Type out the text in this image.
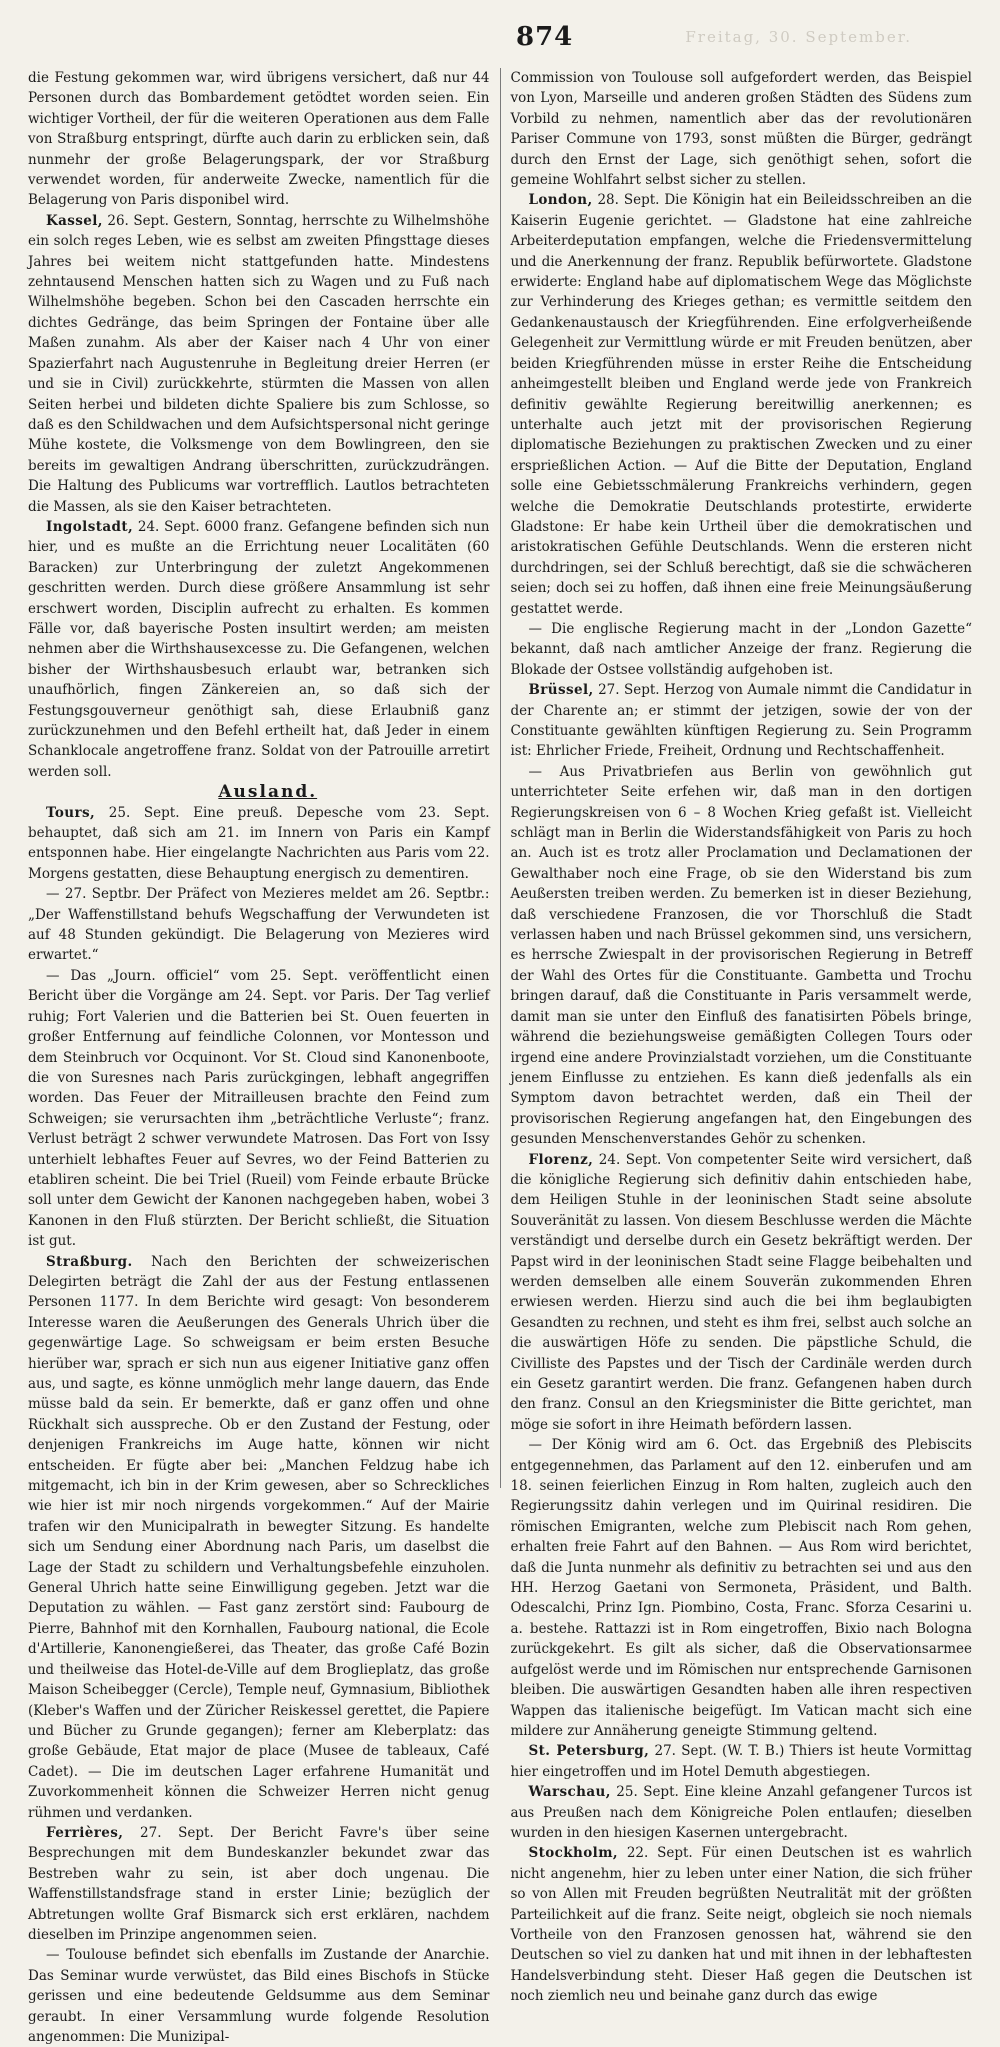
Freitag, 30. September.
874

die Festung gekommen war, wird übrigens versichert, daß nur 44 Personen durch das Bombardement getödtet worden seien. Ein wichtiger Vortheil, der für die weiteren Operationen aus dem Falle von Straßburg entspringt, dürfte auch darin zu erblicken sein, daß nunmehr der große Belagerungspark, der vor Straßburg verwendet worden, für anderweite Zwecke, namentlich für die Belagerung von Paris disponibel wird.

Kassel, 26. Sept. Gestern, Sonntag, herrschte zu Wilhelmshöhe ein solch reges Leben, wie es selbst am zweiten Pfingsttage dieses Jahres bei weitem nicht stattgefunden hatte. Mindestens zehntausend Menschen hatten sich zu Wagen und zu Fuß nach Wilhelmshöhe begeben. Schon bei den Cascaden herrschte ein dichtes Gedränge, das beim Springen der Fontaine über alle Maßen zunahm. Als aber der Kaiser nach 4 Uhr von einer Spazierfahrt nach Augustenruhe in Begleitung dreier Herren (er und sie in Civil) zurückkehrte, stürmten die Massen von allen Seiten herbei und bildeten dichte Spaliere bis zum Schlosse, so daß es den Schildwachen und dem Aufsichtspersonal nicht geringe Mühe kostete, die Volksmenge von dem Bowlingreen, den sie bereits im gewaltigen Andrang überschritten, zurückzudrängen. Die Haltung des Publicums war vortrefflich. Lautlos betrachteten die Massen, als sie den Kaiser betrachteten.

Ingolstadt, 24. Sept. 6000 franz. Gefangene befinden sich nun hier, und es mußte an die Errichtung neuer Localitäten (60 Baracken) zur Unterbringung der zuletzt Angekommenen geschritten werden. Durch diese größere Ansammlung ist sehr erschwert worden, Disciplin aufrecht zu erhalten. Es kommen Fälle vor, daß bayerische Posten insultirt werden; am meisten nehmen aber die Wirthshausexcesse zu. Die Gefangenen, welchen bisher der Wirthshausbesuch erlaubt war, betranken sich unaufhörlich, fingen Zänkereien an, so daß sich der Festungsgouverneur genöthigt sah, diese Erlaubniß ganz zurückzunehmen und den Befehl ertheilt hat, daß Jeder in einem Schanklocale angetroffene franz. Soldat von der Patrouille arretirt werden soll.

Ausland.

Tours, 25. Sept. Eine preuß. Depesche vom 23. Sept. behauptet, daß sich am 21. im Innern von Paris ein Kampf entsponnen habe. Hier eingelangte Nachrichten aus Paris vom 22. Morgens gestatten, diese Behauptung energisch zu dementiren.

— 27. Septbr. Der Präfect von Mezieres meldet am 26. Septbr.: „Der Waffenstillstand behufs Wegschaffung der Verwundeten ist auf 48 Stunden gekündigt. Die Belagerung von Mezieres wird erwartet.“

— Das „Journ. officiel“ vom 25. Sept. veröffentlicht einen Bericht über die Vorgänge am 24. Sept. vor Paris. Der Tag verlief ruhig; Fort Valerien und die Batterien bei St. Ouen feuerten in großer Entfernung auf feindliche Colonnen, vor Montesson und dem Steinbruch vor Ocquinont. Vor St. Cloud sind Kanonenboote, die von Suresnes nach Paris zurückgingen, lebhaft angegriffen worden. Das Feuer der Mitrailleusen brachte den Feind zum Schweigen; sie verursachten ihm „beträchtliche Verluste“; franz. Verlust beträgt 2 schwer verwundete Matrosen. Das Fort von Issy unterhielt lebhaftes Feuer auf Sevres, wo der Feind Batterien zu etabliren scheint. Die bei Triel (Rueil) vom Feinde erbaute Brücke soll unter dem Gewicht der Kanonen nachgegeben haben, wobei 3 Kanonen in den Fluß stürzten. Der Bericht schließt, die Situation ist gut.

Straßburg. Nach den Berichten der schweizerischen Delegirten beträgt die Zahl der aus der Festung entlassenen Personen 1177. In dem Berichte wird gesagt: Von besonderem Interesse waren die Aeußerungen des Generals Uhrich über die gegenwärtige Lage. So schweigsam er beim ersten Besuche hierüber war, sprach er sich nun aus eigener Initiative ganz offen aus, und sagte, es könne unmöglich mehr lange dauern, das Ende müsse bald da sein. Er bemerkte, daß er ganz offen und ohne Rückhalt sich ausspreche. Ob er den Zustand der Festung, oder denjenigen Frankreichs im Auge hatte, können wir nicht entscheiden. Er fügte aber bei: „Manchen Feldzug habe ich mitgemacht, ich bin in der Krim gewesen, aber so Schreckliches wie hier ist mir noch nirgends vorgekommen.“ Auf der Mairie trafen wir den Municipalrath in bewegter Sitzung. Es handelte sich um Sendung einer Abordnung nach Paris, um daselbst die Lage der Stadt zu schildern und Verhaltungsbefehle einzuholen. General Uhrich hatte seine Einwilligung gegeben. Jetzt war die Deputation zu wählen. — Fast ganz zerstört sind: Faubourg de Pierre, Bahnhof mit den Kornhallen, Faubourg national, die Ecole d'Artillerie, Kanonengießerei, das Theater, das große Café Bozin und theilweise das Hotel-de-Ville auf dem Broglieplatz, das große Maison Scheibegger (Cercle), Temple neuf, Gymnasium, Bibliothek (Kleber's Waffen und der Züricher Reiskessel gerettet, die Papiere und Bücher zu Grunde gegangen); ferner am Kleberplatz: das große Gebäude, Etat major de place (Musee de tableaux, Café Cadet). — Die im deutschen Lager erfahrene Humanität und Zuvorkommenheit können die Schweizer Herren nicht genug rühmen und verdanken.

Ferrières, 27. Sept. Der Bericht Favre's über seine Besprechungen mit dem Bundeskanzler bekundet zwar das Bestreben wahr zu sein, ist aber doch ungenau. Die Waffenstillstandsfrage stand in erster Linie; bezüglich der Abtretungen wollte Graf Bismarck sich erst erklären, nachdem dieselben im Prinzipe angenommen seien.

— Toulouse befindet sich ebenfalls im Zustande der Anarchie. Das Seminar wurde verwüstet, das Bild eines Bischofs in Stücke gerissen und eine bedeutende Geldsumme aus dem Seminar geraubt. In einer Versammlung wurde folgende Resolution angenommen: Die Munizipal-

Commission von Toulouse soll aufgefordert werden, das Beispiel von Lyon, Marseille und anderen großen Städten des Südens zum Vorbild zu nehmen, namentlich aber das der revolutionären Pariser Commune von 1793, sonst müßten die Bürger, gedrängt durch den Ernst der Lage, sich genöthigt sehen, sofort die gemeine Wohlfahrt selbst sicher zu stellen.

London, 28. Sept. Die Königin hat ein Beileidsschreiben an die Kaiserin Eugenie gerichtet. — Gladstone hat eine zahlreiche Arbeiterdeputation empfangen, welche die Friedensvermittelung und die Anerkennung der franz. Republik befürwortete. Gladstone erwiderte: England habe auf diplomatischem Wege das Möglichste zur Verhinderung des Krieges gethan; es vermittle seitdem den Gedankenaustausch der Kriegführenden. Eine erfolgverheißende Gelegenheit zur Vermittlung würde er mit Freuden benützen, aber beiden Kriegführenden müsse in erster Reihe die Entscheidung anheimgestellt bleiben und England werde jede von Frankreich definitiv gewählte Regierung bereitwillig anerkennen; es unterhalte auch jetzt mit der provisorischen Regierung diplomatische Beziehungen zu praktischen Zwecken und zu einer ersprießlichen Action. — Auf die Bitte der Deputation, England solle eine Gebietsschmälerung Frankreichs verhindern, gegen welche die Demokratie Deutschlands protestirte, erwiderte Gladstone: Er habe kein Urtheil über die demokratischen und aristokratischen Gefühle Deutschlands. Wenn die ersteren nicht durchdringen, sei der Schluß berechtigt, daß sie die schwächeren seien; doch sei zu hoffen, daß ihnen eine freie Meinungsäußerung gestattet werde.

— Die englische Regierung macht in der „London Gazette“ bekannt, daß nach amtlicher Anzeige der franz. Regierung die Blokade der Ostsee vollständig aufgehoben ist.

Brüssel, 27. Sept. Herzog von Aumale nimmt die Candidatur in der Charente an; er stimmt der jetzigen, sowie der von der Constituante gewählten künftigen Regierung zu. Sein Programm ist: Ehrlicher Friede, Freiheit, Ordnung und Rechtschaffenheit.

— Aus Privatbriefen aus Berlin von gewöhnlich gut unterrichteter Seite erfehen wir, daß man in den dortigen Regierungskreisen von 6 – 8 Wochen Krieg gefaßt ist. Vielleicht schlägt man in Berlin die Widerstandsfähigkeit von Paris zu hoch an. Auch ist es trotz aller Proclamation und Declamationen der Gewalthaber noch eine Frage, ob sie den Widerstand bis zum Aeußersten treiben werden. Zu bemerken ist in dieser Beziehung, daß verschiedene Franzosen, die vor Thorschluß die Stadt verlassen haben und nach Brüssel gekommen sind, uns versichern, es herrsche Zwiespalt in der provisorischen Regierung in Betreff der Wahl des Ortes für die Constituante. Gambetta und Trochu bringen darauf, daß die Constituante in Paris versammelt werde, damit man sie unter den Einfluß des fanatisirten Pöbels bringe, während die beziehungsweise gemäßigten Collegen Tours oder irgend eine andere Provinzialstadt vorziehen, um die Constituante jenem Einflusse zu entziehen. Es kann dieß jedenfalls als ein Symptom davon betrachtet werden, daß ein Theil der provisorischen Regierung angefangen hat, den Eingebungen des gesunden Menschenverstandes Gehör zu schenken.

Florenz, 24. Sept. Von competenter Seite wird versichert, daß die königliche Regierung sich definitiv dahin entschieden habe, dem Heiligen Stuhle in der leoninischen Stadt seine absolute Souveränität zu lassen. Von diesem Beschlusse werden die Mächte verständigt und derselbe durch ein Gesetz bekräftigt werden. Der Papst wird in der leoninischen Stadt seine Flagge beibehalten und werden demselben alle einem Souverän zukommenden Ehren erwiesen werden. Hierzu sind auch die bei ihm beglaubigten Gesandten zu rechnen, und steht es ihm frei, selbst auch solche an die auswärtigen Höfe zu senden. Die päpstliche Schuld, die Civilliste des Papstes und der Tisch der Cardinäle werden durch ein Gesetz garantirt werden. Die franz. Gefangenen haben durch den franz. Consul an den Kriegsminister die Bitte gerichtet, man möge sie sofort in ihre Heimath befördern lassen.

— Der König wird am 6. Oct. das Ergebniß des Plebiscits entgegennehmen, das Parlament auf den 12. einberufen und am 18. seinen feierlichen Einzug in Rom halten, zugleich auch den Regierungssitz dahin verlegen und im Quirinal residiren. Die römischen Emigranten, welche zum Plebiscit nach Rom gehen, erhalten freie Fahrt auf den Bahnen. — Aus Rom wird berichtet, daß die Junta nunmehr als definitiv zu betrachten sei und aus den HH. Herzog Gaetani von Sermoneta, Präsident, und Balth. Odescalchi, Prinz Ign. Piombino, Costa, Franc. Sforza Cesarini u. a. bestehe. Rattazzi ist in Rom eingetroffen, Bixio nach Bologna zurückgekehrt. Es gilt als sicher, daß die Observationsarmee aufgelöst werde und im Römischen nur entsprechende Garnisonen bleiben. Die auswärtigen Gesandten haben alle ihren respectiven Wappen das italienische beigefügt. Im Vatican macht sich eine mildere zur Annäherung geneigte Stimmung geltend.

St. Petersburg, 27. Sept. (W. T. B.) Thiers ist heute Vormittag hier eingetroffen und im Hotel Demuth abgestiegen.

Warschau, 25. Sept. Eine kleine Anzahl gefangener Turcos ist aus Preußen nach dem Königreiche Polen entlaufen; dieselben wurden in den hiesigen Kasernen untergebracht.

Stockholm, 22. Sept. Für einen Deutschen ist es wahrlich nicht angenehm, hier zu leben unter einer Nation, die sich früher so von Allen mit Freuden begrüßten Neutralität mit der größten Parteilichkeit auf die franz. Seite neigt, obgleich sie noch niemals Vortheile von den Franzosen genossen hat, während sie den Deutschen so viel zu danken hat und mit ihnen in der lebhaftesten Handelsverbindung steht. Dieser Haß gegen die Deutschen ist noch ziemlich neu und beinahe ganz durch das ewige
